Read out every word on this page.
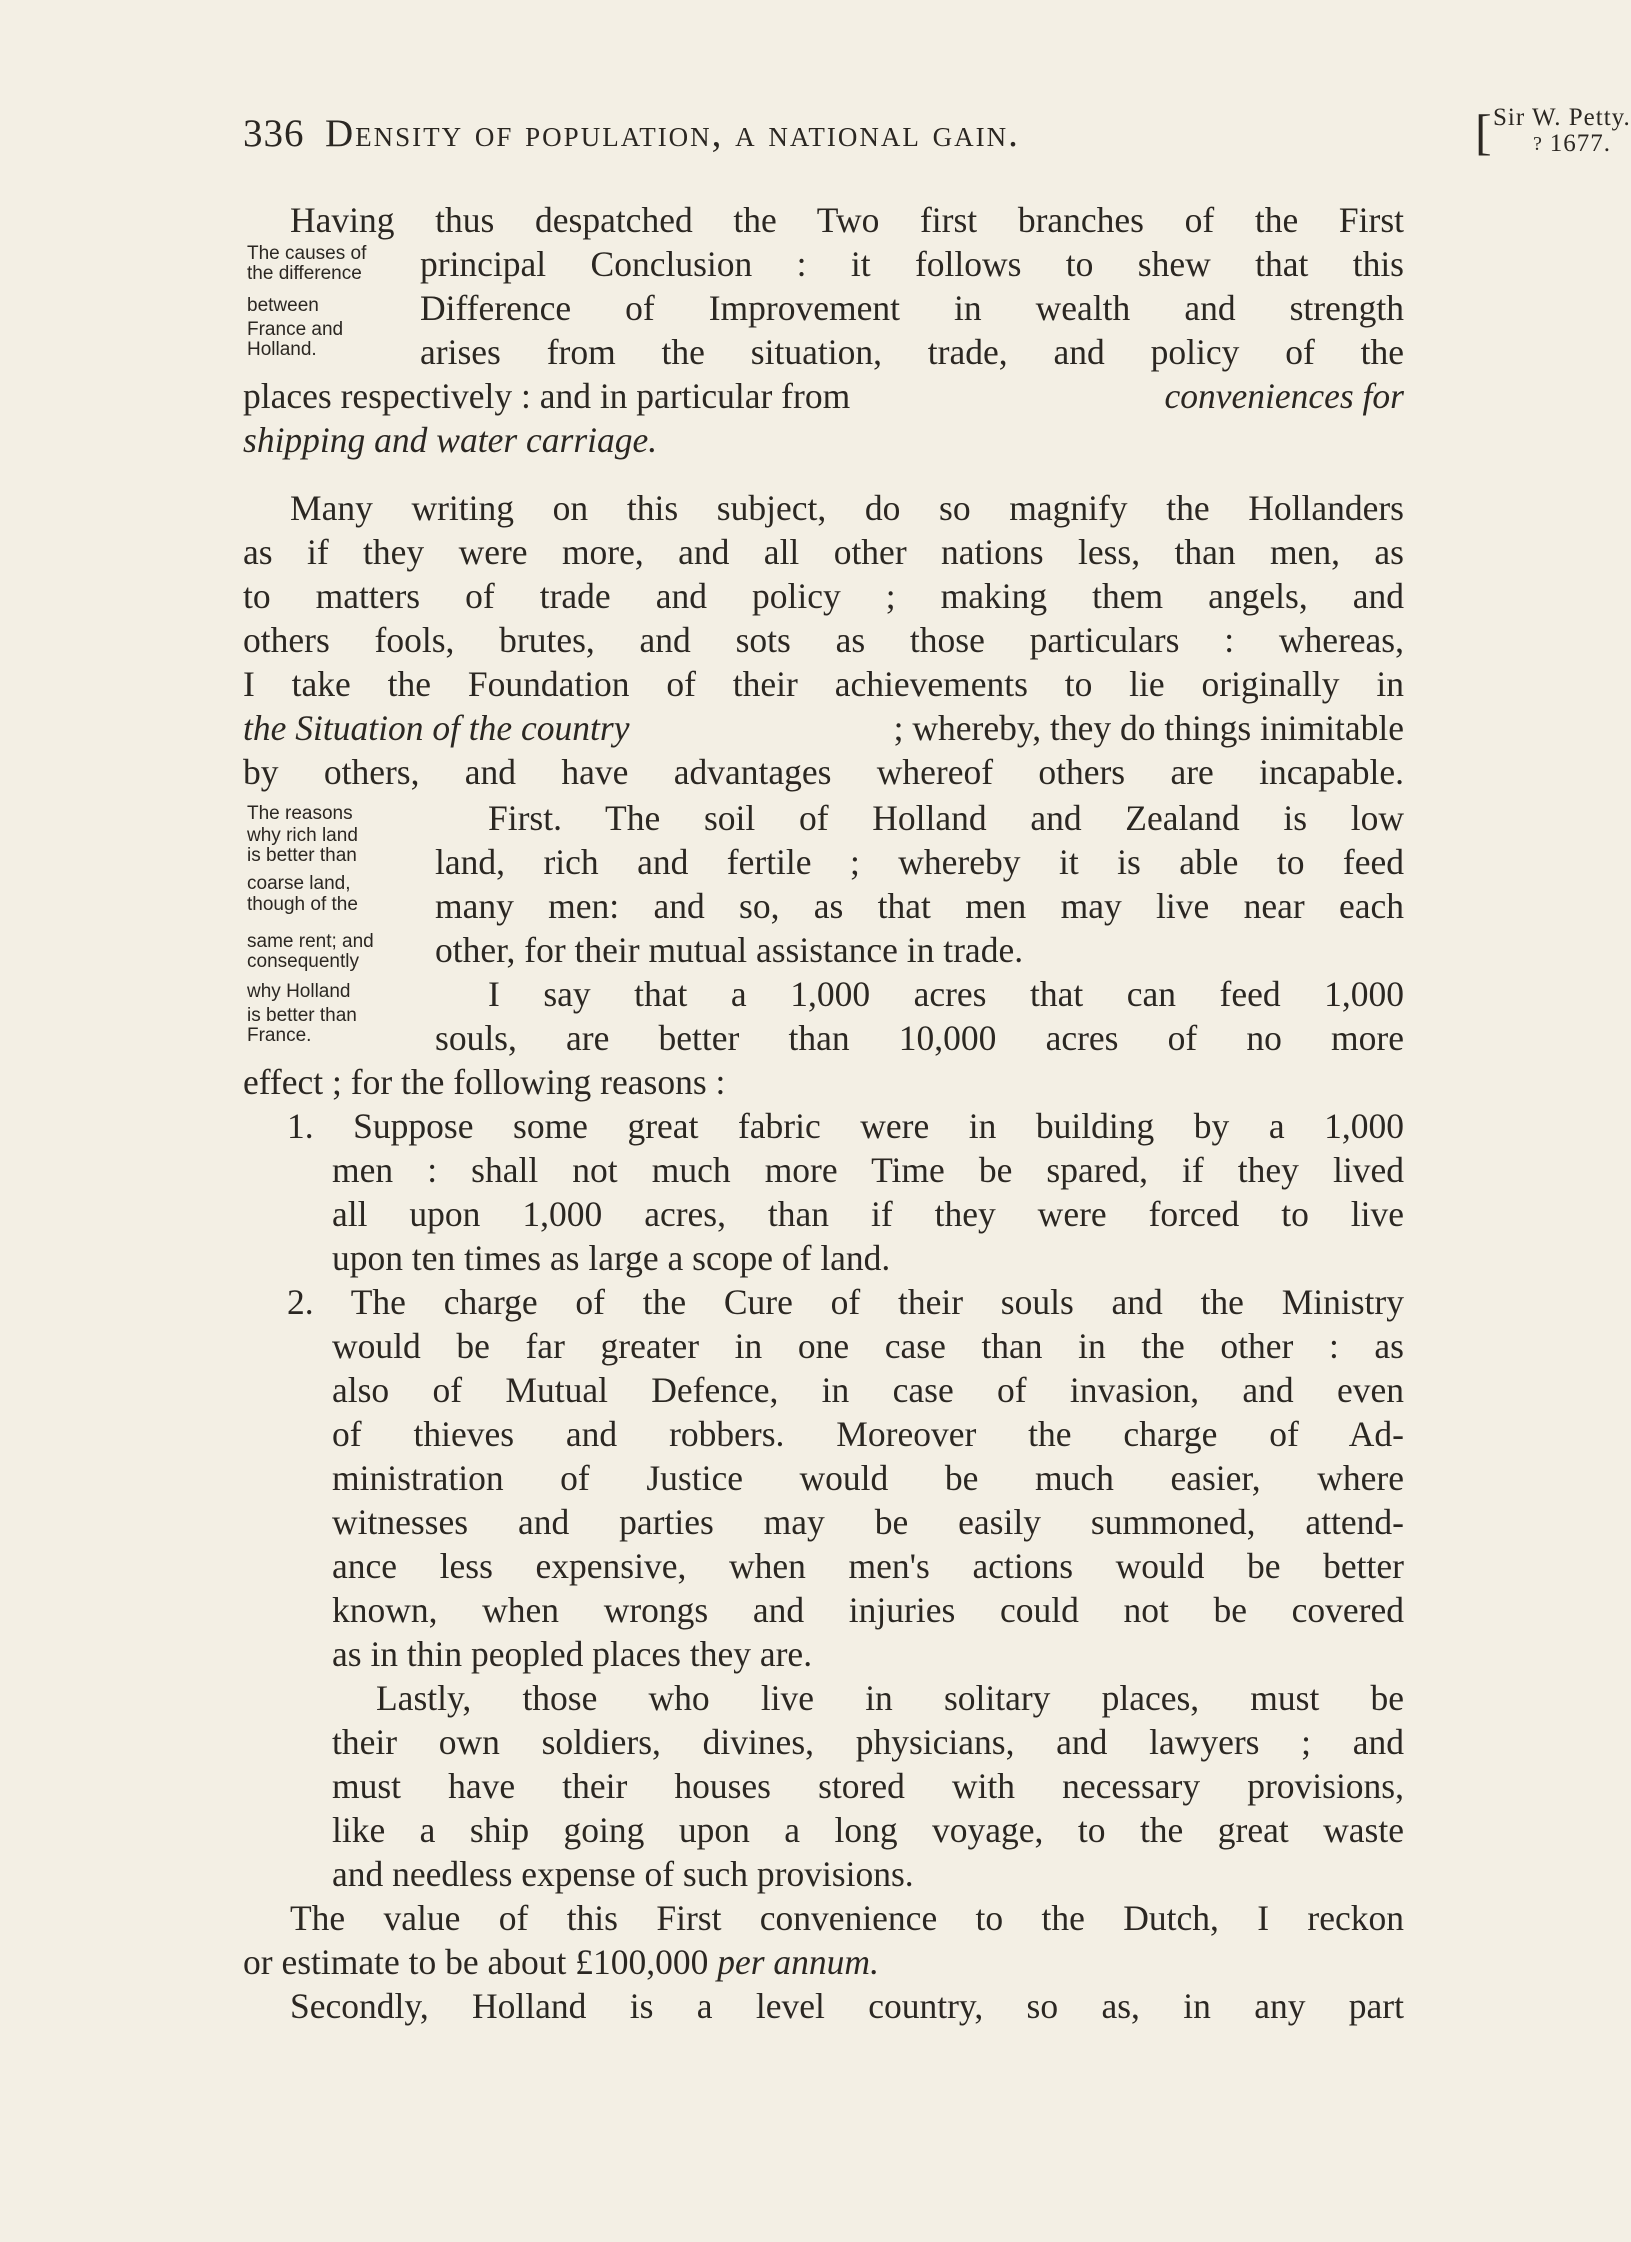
336 Density of population, a national gain.	[ Sir W. Petty.
? 1677.
The causes of
the difference
between
France and
Holland.
The reasons
why rich land
is better than
coarse land,
though of the
same rent; and
consequently
why Holland
is better than
France.
Having thus despatched the Two first branches of the First
principal Conclusion : it follows to shew that this
Difference of Improvement in wealth and strength
arises from the situation, trade, and policy of the
places respectively : and in particular from	conveniences for
shipping and water carriage.
Many writing on this subject, do so magnify the Hollanders
as if they were more, and all other nations less, than men, as
to matters of trade and policy ; making them angels, and
others fools, brutes, and sots as those particulars : whereas,
I take the Foundation of their achievements to lie originally in
the Situation of the country	; whereby, they do things inimitable
by others, and have advantages whereof others are incapable.
First. The soil of Holland and Zealand is low
land, rich and fertile ; whereby it is able to feed
many men: and so, as that men may live near each
other, for their mutual assistance in trade.
I say that a 1,000 acres that can feed 1,000
souls, are better than 10,000 acres of no more
effect ; for the following reasons :
1. Suppose some great fabric were in building by a 1,000
men : shall not much more Time be spared, if they lived
all upon 1,000 acres, than if they were forced to live
upon ten times as large a scope of land.
2. The charge of the Cure of their souls and the Ministry
would be far greater in one case than in the other : as
also of Mutual Defence, in case of invasion, and even
of thieves and robbers. Moreover the charge of Ad-
ministration of Justice would be much easier, where
witnesses and parties may be easily summoned, attend-
ance less expensive, when men's actions would be better
known, when wrongs and injuries could not be covered
as in thin peopled places they are.
Lastly, those who live in solitary places, must be
their own soldiers, divines, physicians, and lawyers ; and
must have their houses stored with necessary provisions,
like a ship going upon a long voyage, to the great waste
and needless expense of such provisions.
The value of this First convenience to the Dutch, I reckon
or estimate to be about £100,000 per annum.
Secondly, Holland is a level country, so as, in any part
